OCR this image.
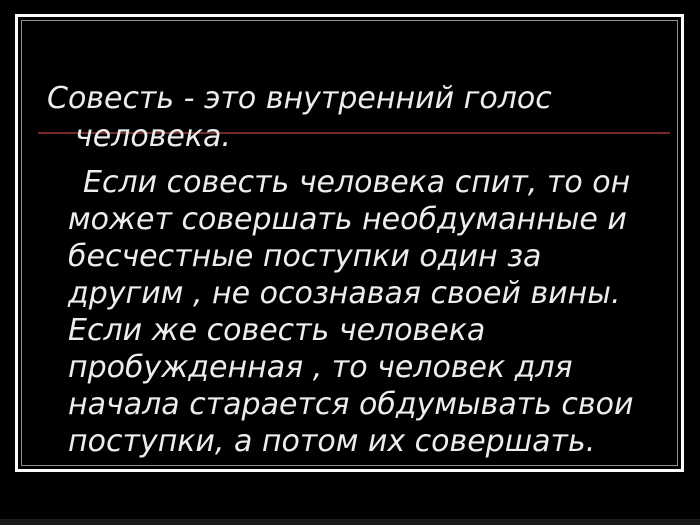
Совесть - это внутренний голос
человека.
Если совесть человека спит, то он
может совершать необдуманные и
бесчестные поступки один за
другим , не осознавая своей вины.
Если же совесть человека
пробужденная , то человек для
начала старается обдумывать свои
поступки, а потом их совершать.
